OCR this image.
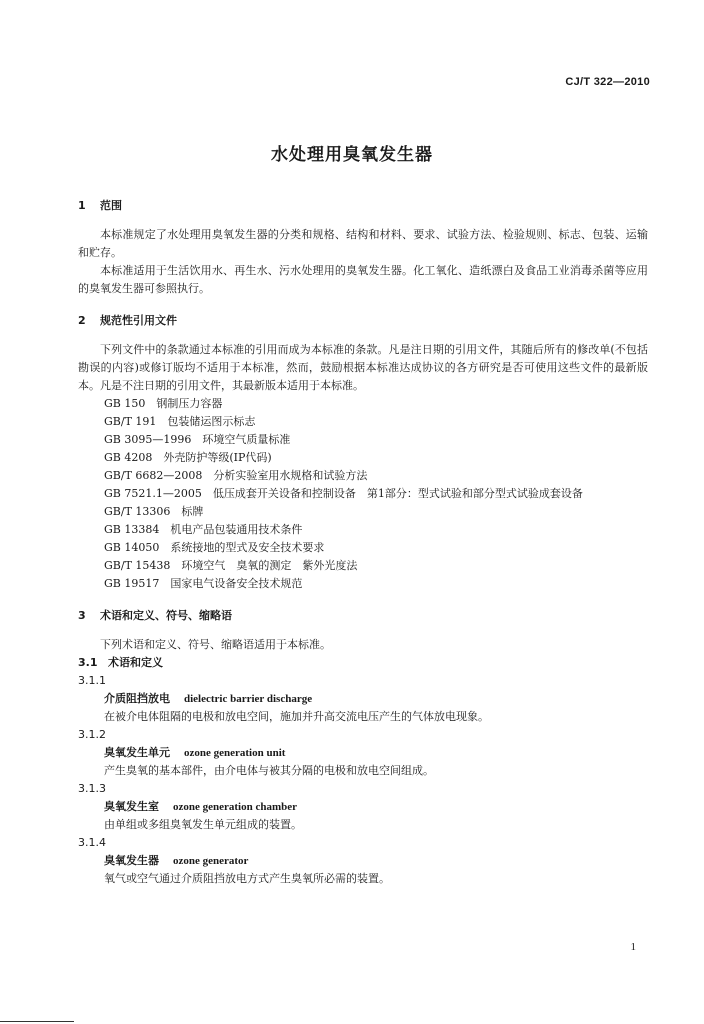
CJ/T 322—2010
水处理用臭氧发生器
1 范围

本标准规定了水处理用臭氧发生器的分类和规格、结构和材料、要求、试验方法、检验规则、标志、包装、运输和贮存。

本标准适用于生活饮用水、再生水、污水处理用的臭氧发生器。化工氧化、造纸漂白及食品工业消毒杀菌等应用的臭氧发生器可参照执行。

2 规范性引用文件

下列文件中的条款通过本标准的引用而成为本标准的条款。凡是注日期的引用文件，其随后所有的修改单(不包括勘误的内容)或修订版均不适用于本标准，然而，鼓励根据本标准达成协议的各方研究是否可使用这些文件的最新版本。凡是不注日期的引用文件，其最新版本适用于本标准。

GB 150　钢制压力容器

GB/T 191　包装储运图示标志

GB 3095—1996　环境空气质量标准

GB 4208　外壳防护等级(IP代码)

GB/T 6682—2008　分析实验室用水规格和试验方法

GB 7521.1—2005　低压成套开关设备和控制设备　第1部分：型式试验和部分型式试验成套设备

GB/T 13306　标牌

GB 13384　机电产品包装通用技术条件

GB 14050　系统接地的型式及安全技术要求

GB/T 15438　环境空气　臭氧的测定　紫外光度法

GB 19517　国家电气设备安全技术规范

3 术语和定义、符号、缩略语

下列术语和定义、符号、缩略语适用于本标准。

3.1 术语和定义

3.1.1

介质阻挡放电 dielectric barrier discharge

在被介电体阻隔的电极和放电空间，施加并升高交流电压产生的气体放电现象。

3.1.2

臭氧发生单元 ozone generation unit

产生臭氧的基本部件，由介电体与被其分隔的电极和放电空间组成。

3.1.3

臭氧发生室 ozone generation chamber

由单组或多组臭氧发生单元组成的装置。

3.1.4

臭氧发生器 ozone generator

氧气或空气通过介质阻挡放电方式产生臭氧所必需的装置。

1
